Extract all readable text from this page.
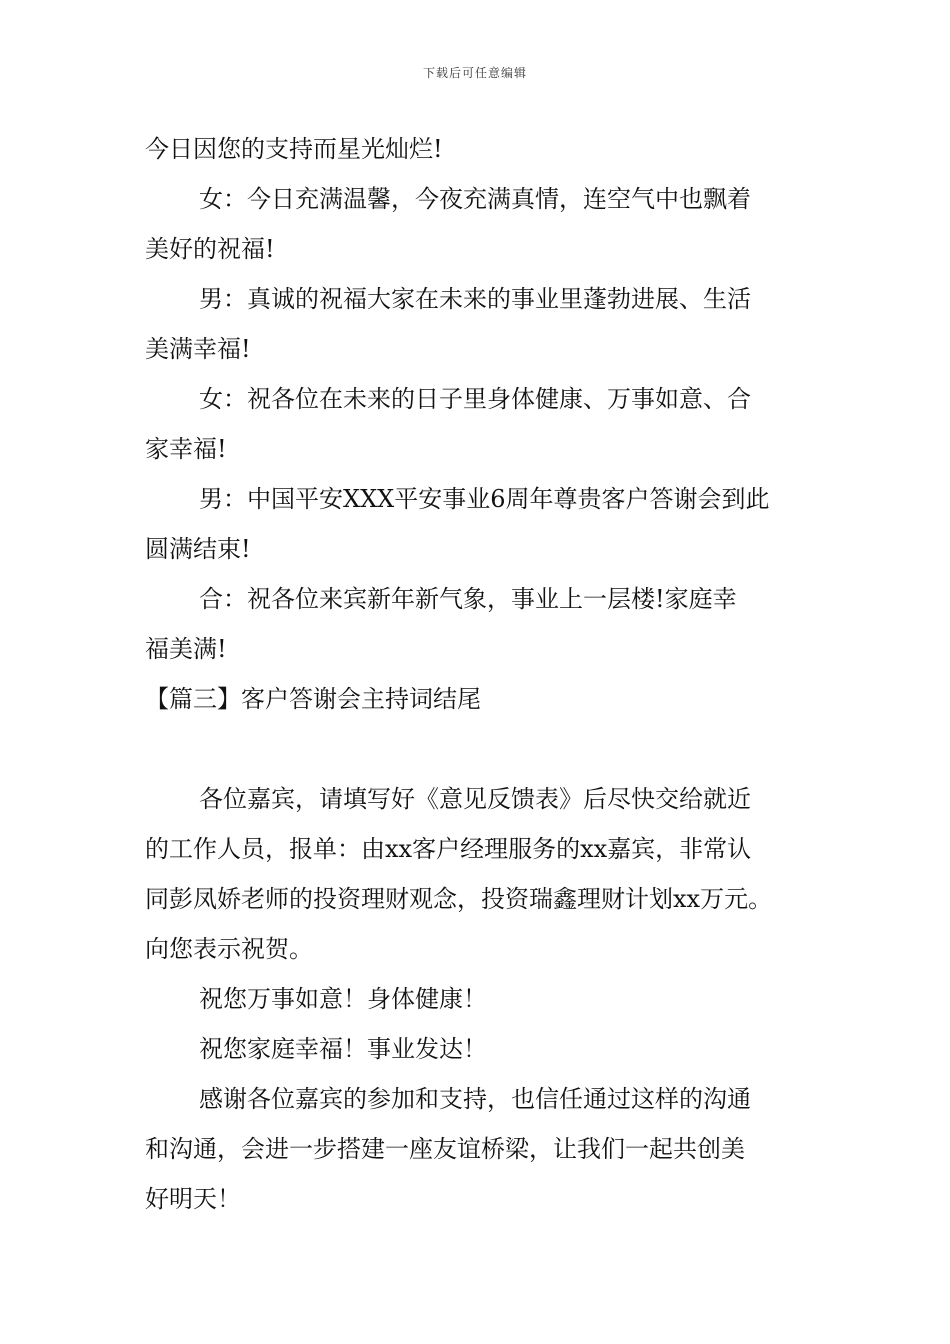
下载后可任意编辑

今日因您的支持而星光灿烂!

女：今日充满温馨，今夜充满真情，连空气中也飘着

美好的祝福!

男：真诚的祝福大家在未来的事业里蓬勃进展、生活

美满幸福!

女：祝各位在未来的日子里身体健康、万事如意、合

家幸福!

男：中国平安XXX平安事业6周年尊贵客户答谢会到此

圆满结束!

合：祝各位来宾新年新气象，事业上一层楼!家庭幸

福美满!

【篇三】客户答谢会主持词结尾

各位嘉宾，请填写好《意见反馈表》后尽快交给就近

的工作人员，报单：由xx客户经理服务的xx嘉宾，非常认

同彭凤娇老师的投资理财观念，投资瑞鑫理财计划xx万元。

向您表示祝贺。

祝您万事如意！身体健康！

祝您家庭幸福！事业发达！

感谢各位嘉宾的参加和支持，也信任通过这样的沟通

和沟通，会进一步搭建一座友谊桥梁，让我们一起共创美

好明天！
